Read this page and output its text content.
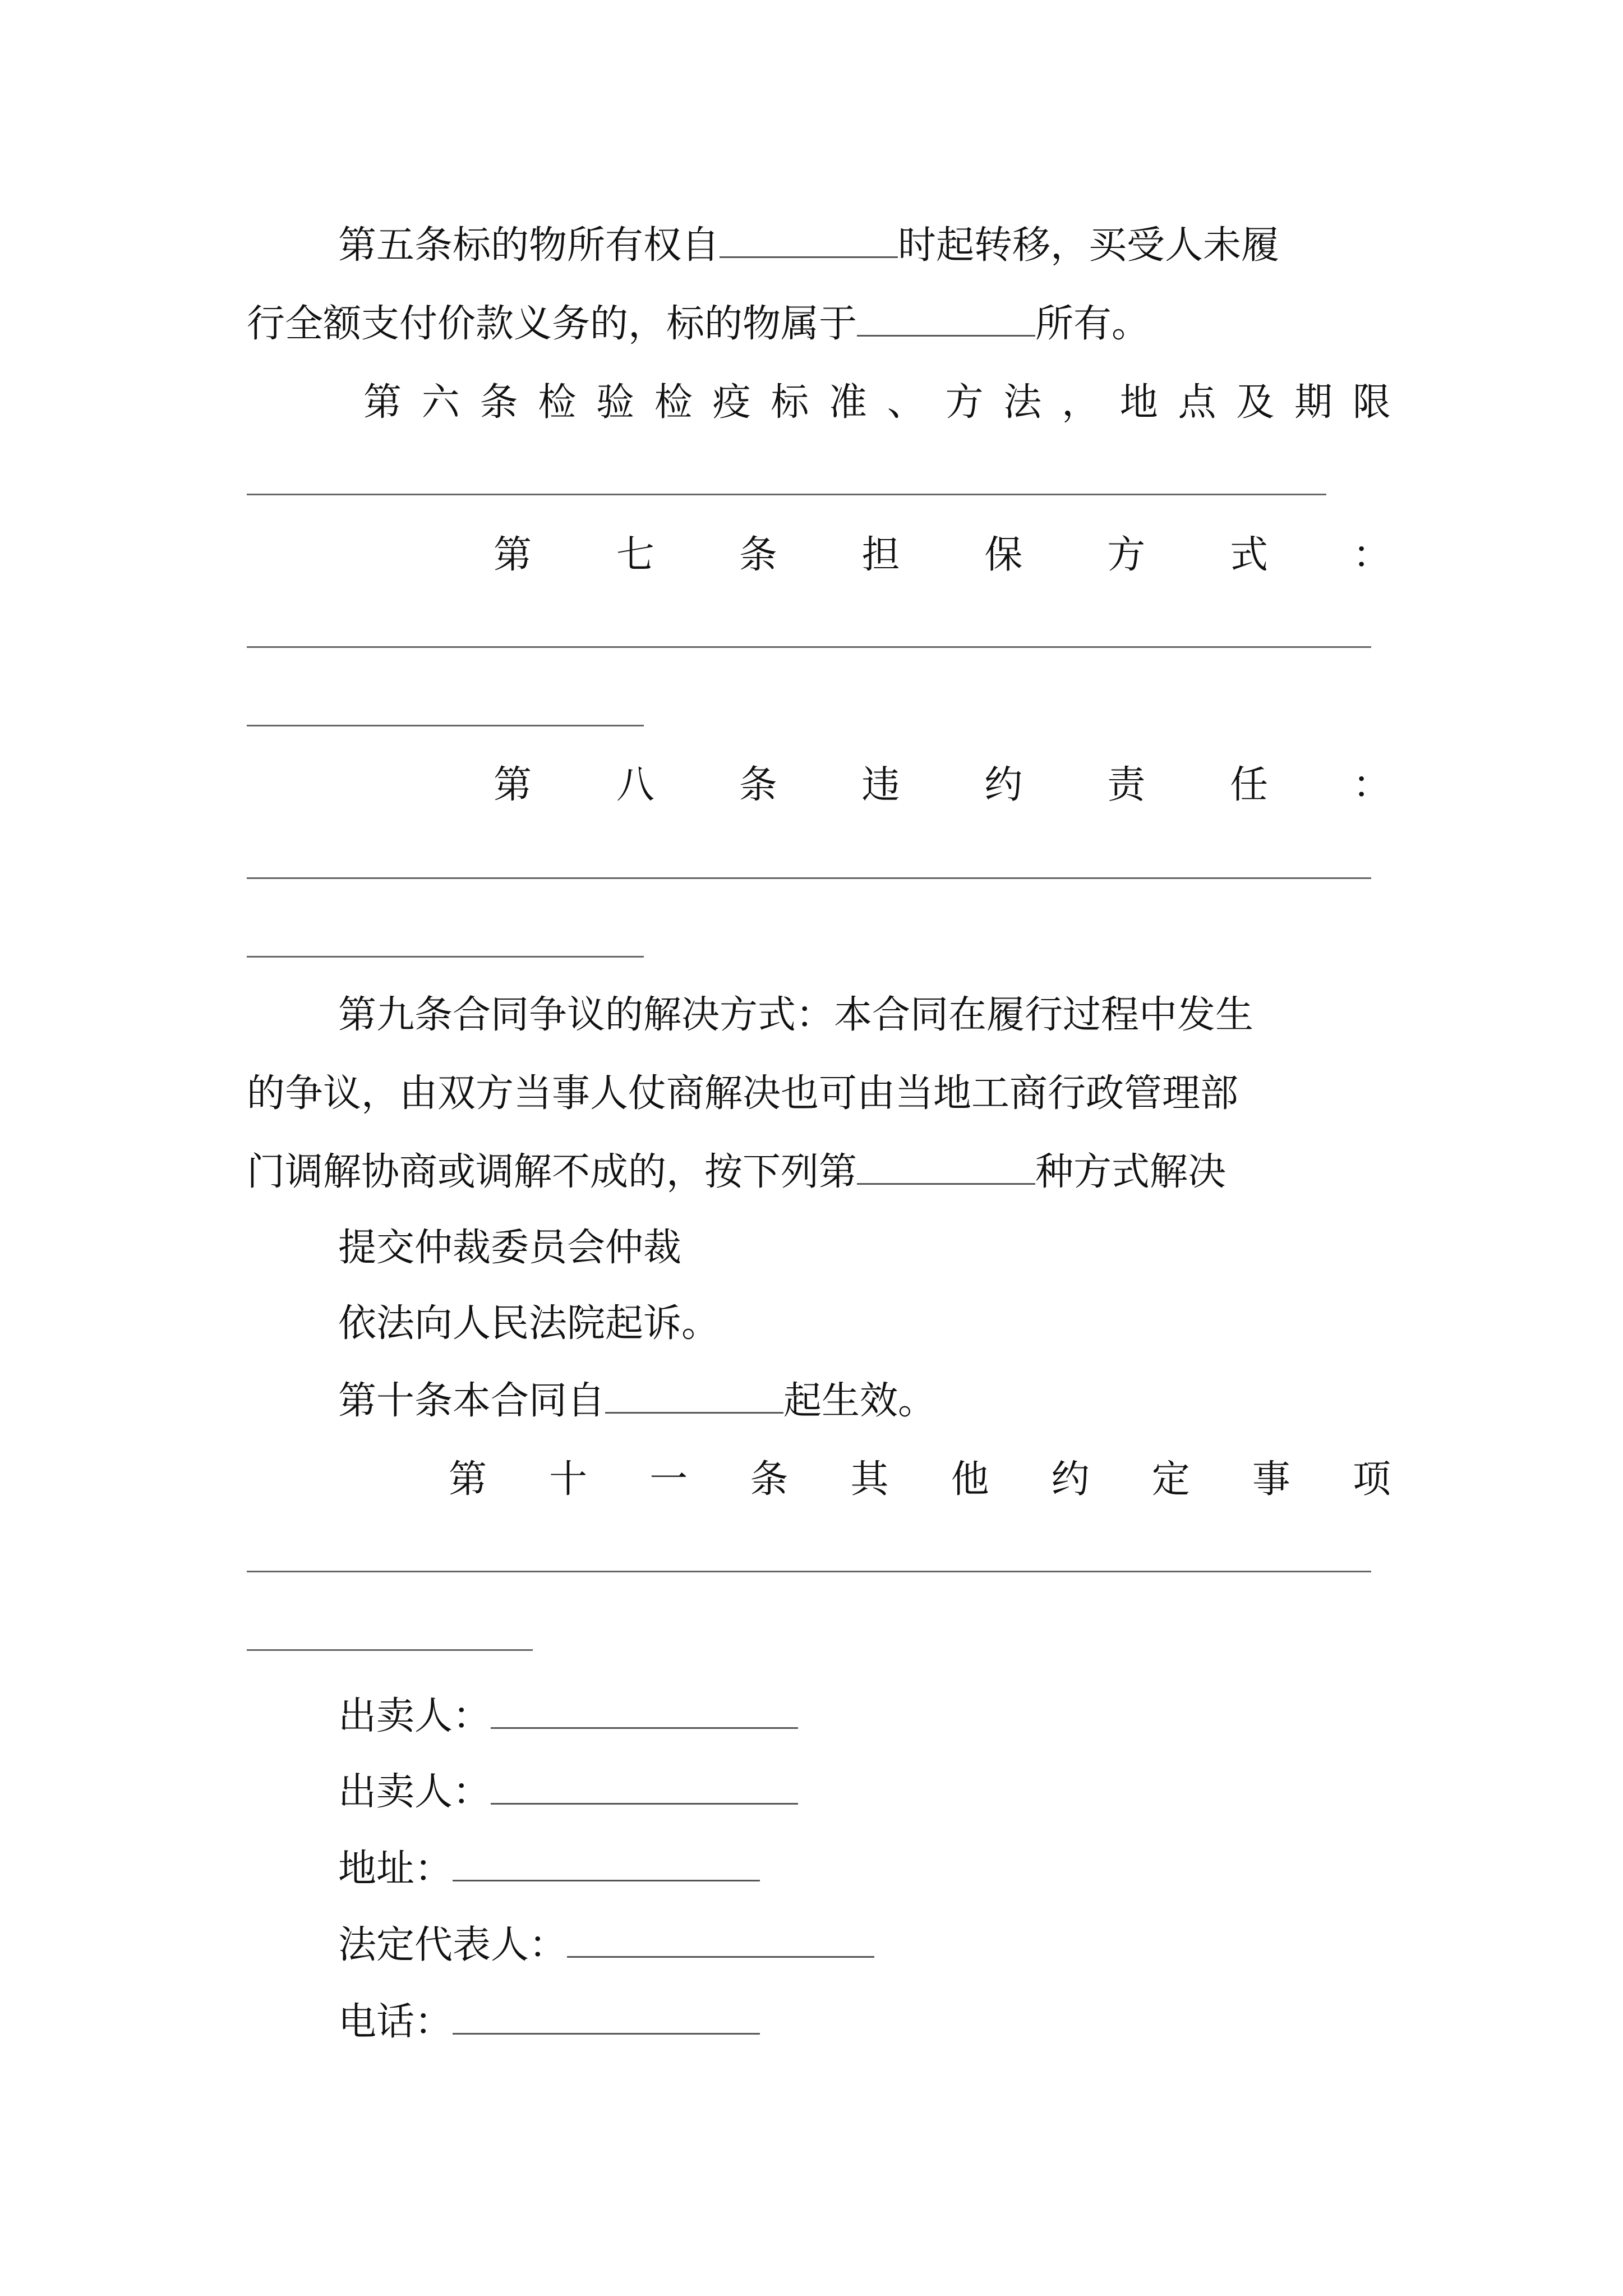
第五条标的物所有权自	时起转移，买受人未履
行全额支付价款义务的，标的物属于	所有。
第 六 条 检 验 检 疫 标 准 、 方 法 ， 地 点 及 期 限
第 七 条 担 保 方 式 ：
第 八 条 违 约 责 任 ：
第九条合同争议的解决方式：本合同在履行过程中发生
的争议，由双方当事人仗商解决也可由当地工商行政管理部
门调解协商或调解不成的，按下列第	种方式解决
提交仲裁委员会仲裁
依法向人民法院起诉。
第十条本合同自	起生效。
第 十 一 条 其 他 约 定 事 项
出卖人：
出卖人：
地址：
法定代表人：
电话：
